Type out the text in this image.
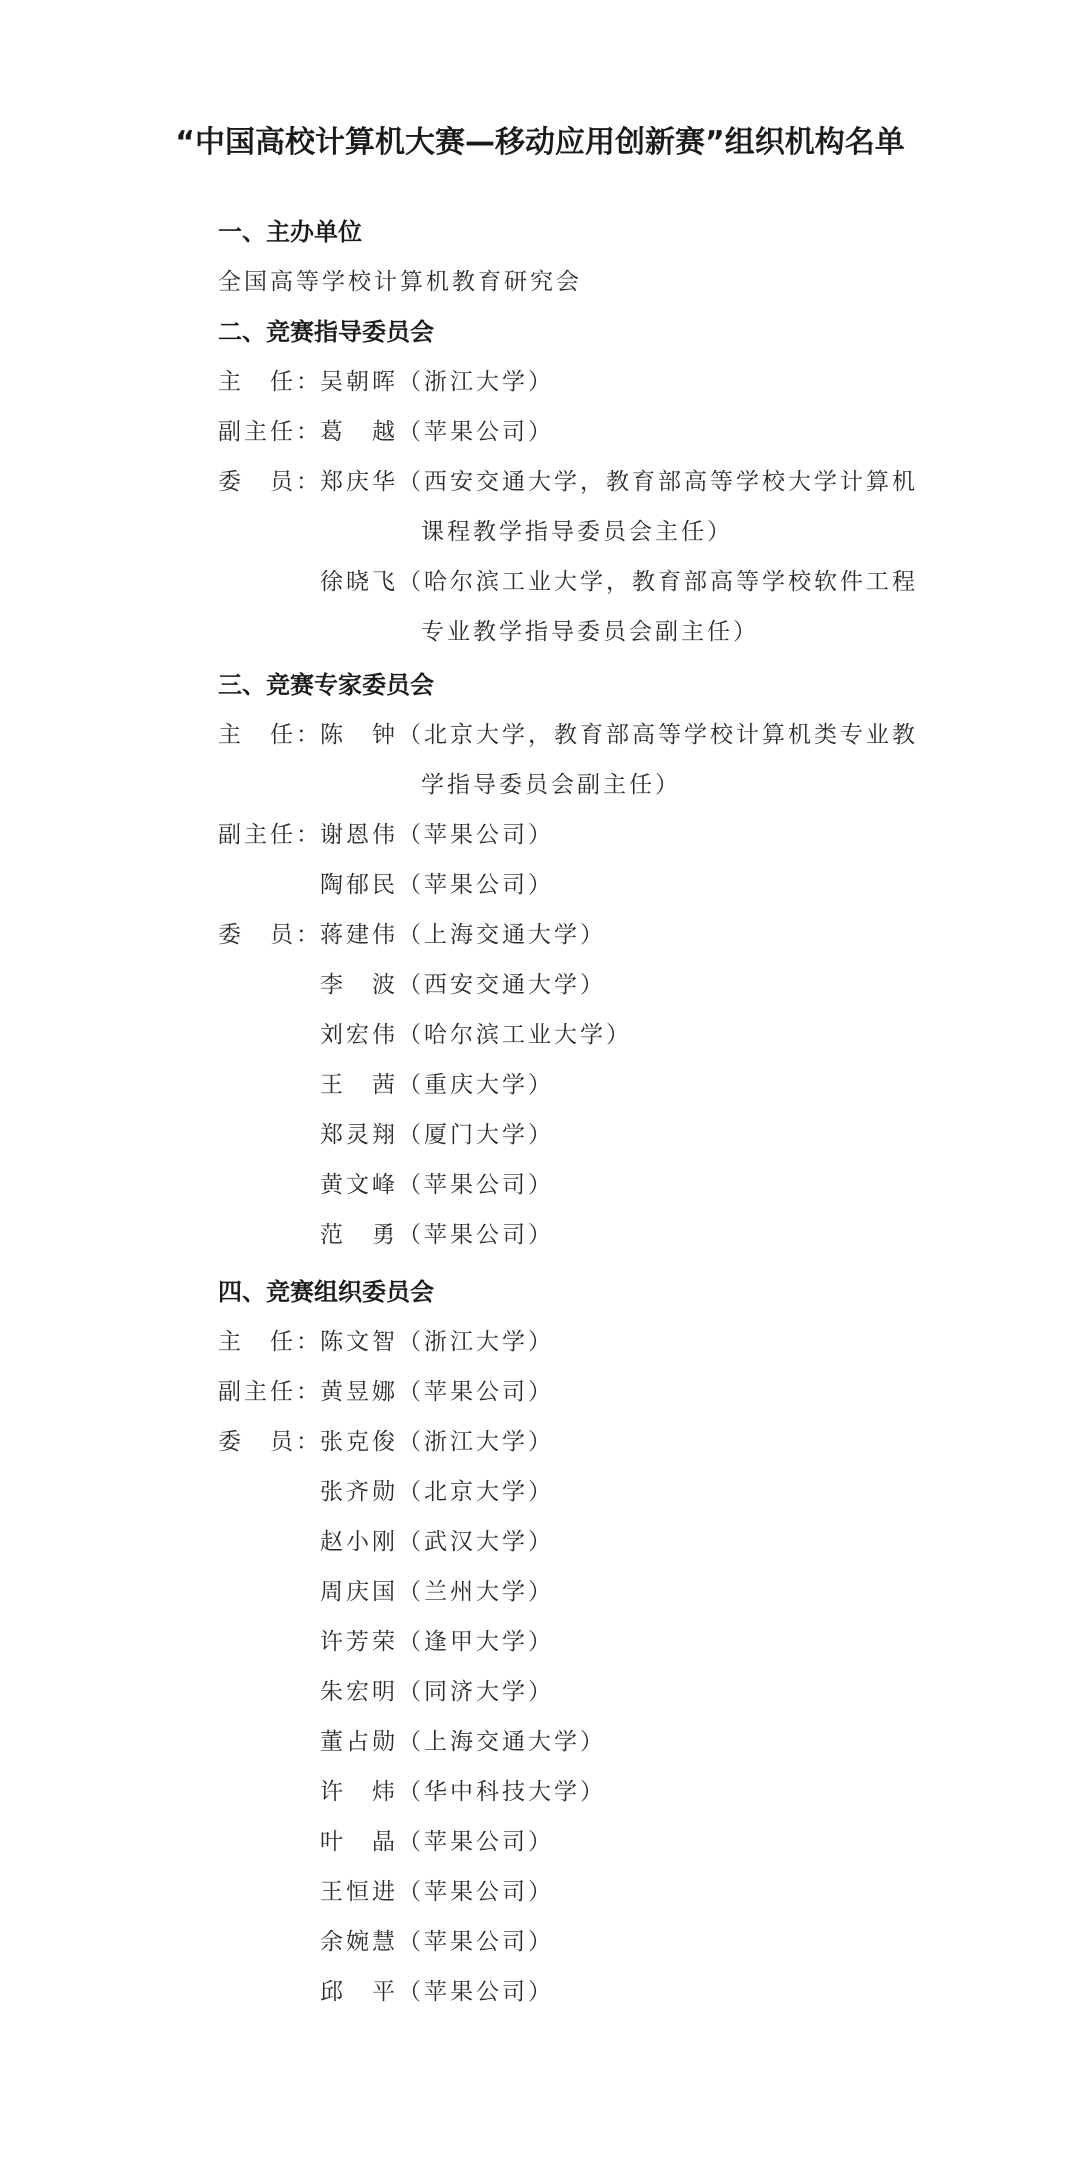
“中国高校计算机大赛—移动应用创新赛”组织机构名单
一、主办单位
全国高等学校计算机教育研究会
二、竞赛指导委员会
主　任：
吴朝晖（浙江大学）
副主任：
葛　越（苹果公司）
委　员：
郑庆华（西安交通大学，教育部高等学校大学计算机
课程教学指导委员会主任）
徐晓飞（哈尔滨工业大学，教育部高等学校软件工程
专业教学指导委员会副主任）
三、竞赛专家委员会
主　任：
陈　钟（北京大学，教育部高等学校计算机类专业教
学指导委员会副主任）
副主任：
谢恩伟（苹果公司）
陶郁民（苹果公司）
委　员：
蒋建伟（上海交通大学）
李　波（西安交通大学）
刘宏伟（哈尔滨工业大学）
王　茜（重庆大学）
郑灵翔（厦门大学）
黄文峰（苹果公司）
范　勇（苹果公司）
四、竞赛组织委员会
主　任：
陈文智（浙江大学）
副主任：
黄昱娜（苹果公司）
委　员：
张克俊（浙江大学）
张齐勋（北京大学）
赵小刚（武汉大学）
周庆国（兰州大学）
许芳荣（逢甲大学）
朱宏明（同济大学）
董占勋（上海交通大学）
许　炜（华中科技大学）
叶　晶（苹果公司）
王恒进（苹果公司）
余婉慧（苹果公司）
邱　平（苹果公司）
